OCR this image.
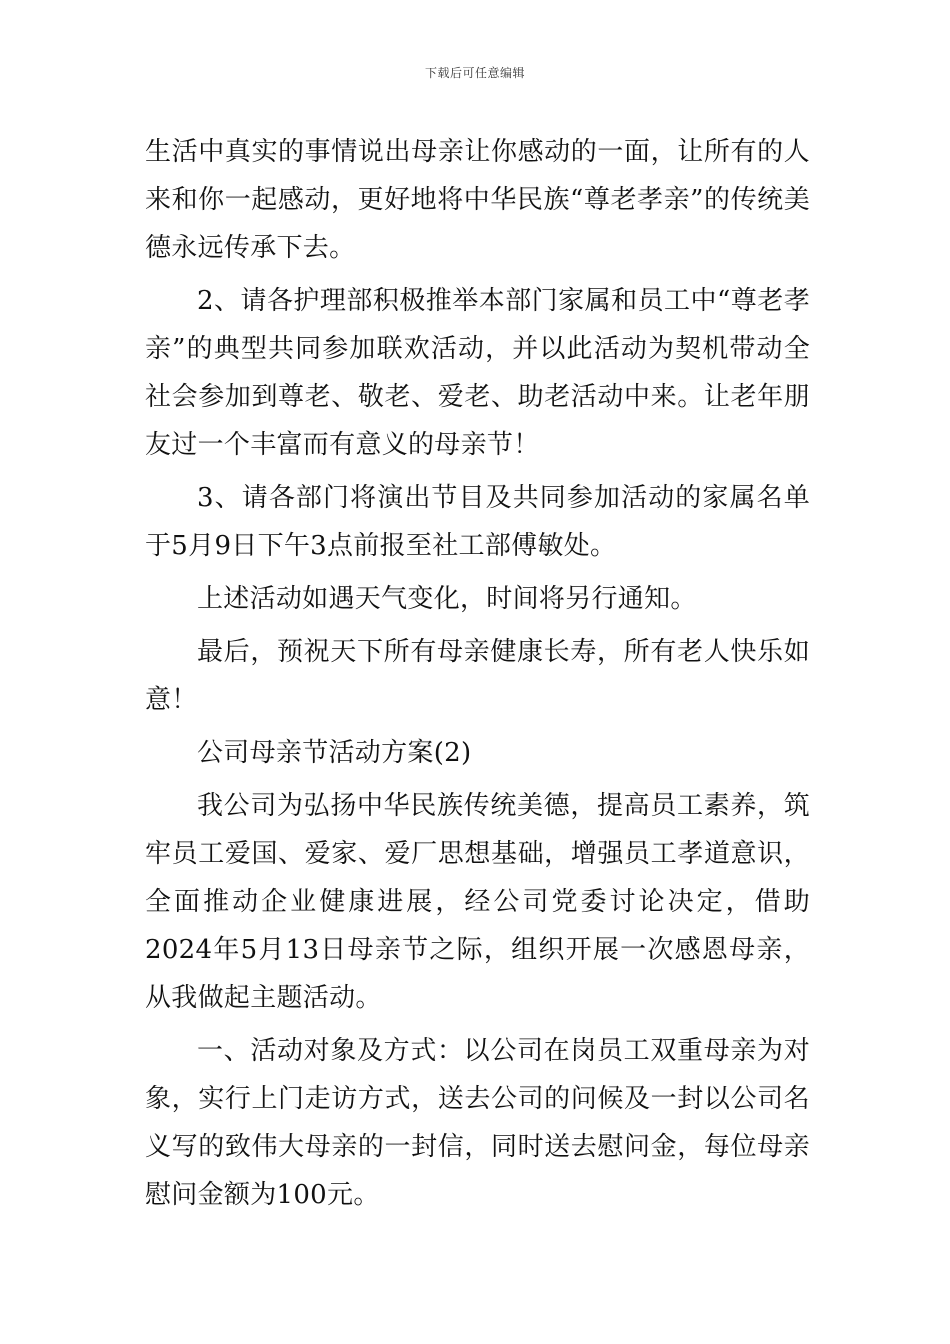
下载后可任意编辑

生活中真实的事情说出母亲让你感动的一面，让所有的人来和你一起感动，更好地将中华民族“尊老孝亲”的传统美德永远传承下去。

2、请各护理部积极推举本部门家属和员工中“尊老孝亲”的典型共同参加联欢活动，并以此活动为契机带动全社会参加到尊老、敬老、爱老、助老活动中来。让老年朋友过一个丰富而有意义的母亲节！

3、请各部门将演出节目及共同参加活动的家属名单于5月9日下午3点前报至社工部傅敏处。

上述活动如遇天气变化，时间将另行通知。

最后，预祝天下所有母亲健康长寿，所有老人快乐如意！

公司母亲节活动方案(2)

我公司为弘扬中华民族传统美德，提高员工素养，筑牢员工爱国、爱家、爱厂思想基础，增强员工孝道意识，全面推动企业健康进展，经公司党委讨论决定，借助2024年5月13日母亲节之际，组织开展一次感恩母亲，从我做起主题活动。

一、活动对象及方式：以公司在岗员工双重母亲为对象，实行上门走访方式，送去公司的问候及一封以公司名义写的致伟大母亲的一封信，同时送去慰问金，每位母亲慰问金额为100元。
